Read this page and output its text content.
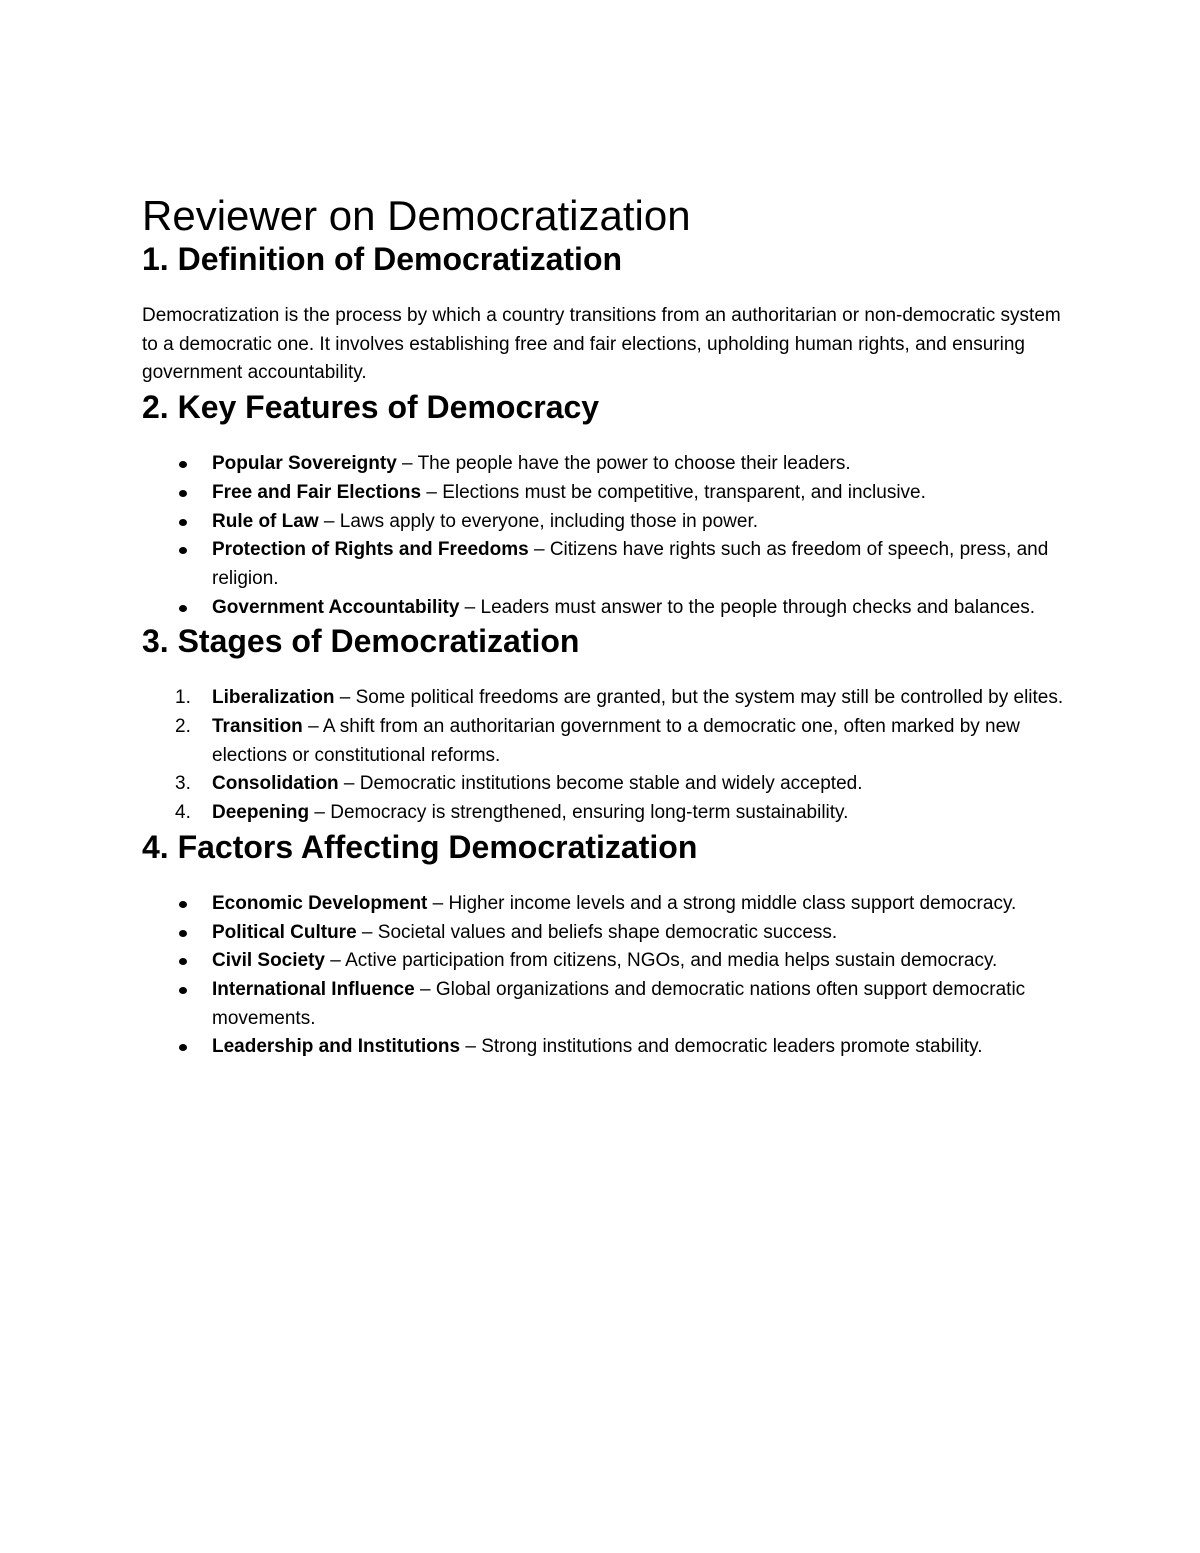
Reviewer on Democratization
1. Definition of Democratization

Democratization is the process by which a country transitions from an authoritarian or non-democratic system to a democratic one. It involves establishing free and fair elections, upholding human rights, and ensuring government accountability.

2. Key Features of Democracy
Popular Sovereignty – The people have the power to choose their leaders.
Free and Fair Elections – Elections must be competitive, transparent, and inclusive.
Rule of Law – Laws apply to everyone, including those in power.
Protection of Rights and Freedoms – Citizens have rights such as freedom of speech, press, and religion.
Government Accountability – Leaders must answer to the people through checks and balances.
3. Stages of Democratization
1. Liberalization – Some political freedoms are granted, but the system may still be controlled by elites.
2. Transition – A shift from an authoritarian government to a democratic one, often marked by new elections or constitutional reforms.
3. Consolidation – Democratic institutions become stable and widely accepted.
4. Deepening – Democracy is strengthened, ensuring long-term sustainability.
4. Factors Affecting Democratization
Economic Development – Higher income levels and a strong middle class support democracy.
Political Culture – Societal values and beliefs shape democratic success.
Civil Society – Active participation from citizens, NGOs, and media helps sustain democracy.
International Influence – Global organizations and democratic nations often support democratic movements.
Leadership and Institutions – Strong institutions and democratic leaders promote stability.
